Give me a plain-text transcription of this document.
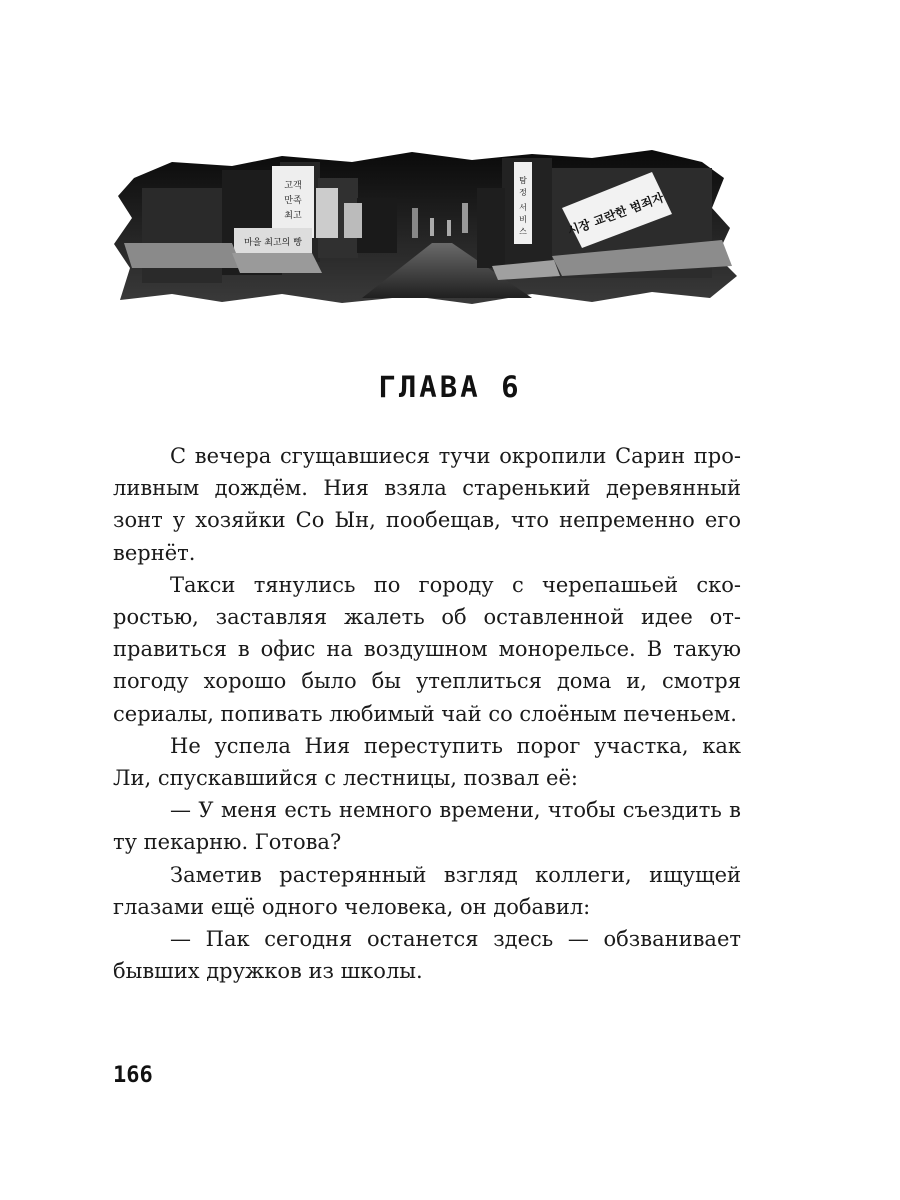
고객
만족
최고
마을 최고의 빵
탐
정
서
비
스	시장 교란한 범죄자
ГЛАВА 6

С вечера сгущавшиеся тучи окропили Сарин проливным дождём. Ния взяла старенький деревянный зонт у хозяйки Со Ын, пообещав, что непременно его вернёт.

Такси тянулись по городу с черепашьей скоростью, заставляя жалеть об оставленной идее отправиться в офис на воздушном монорельсе. В такую погоду хорошо было бы утеплиться дома и, смотря сериалы, попивать любимый чай со слоёным печеньем.

Не успела Ния переступить порог участка, как Ли, спускавшийся с лестницы, позвал её:

— У меня есть немного времени, чтобы съездить в ту пекарню. Готова?

Заметив растерянный взгляд коллеги, ищущей глазами ещё одного человека, он добавил:

— Пак сегодня останется здесь — обзванивает бывших дружков из школы.

166
